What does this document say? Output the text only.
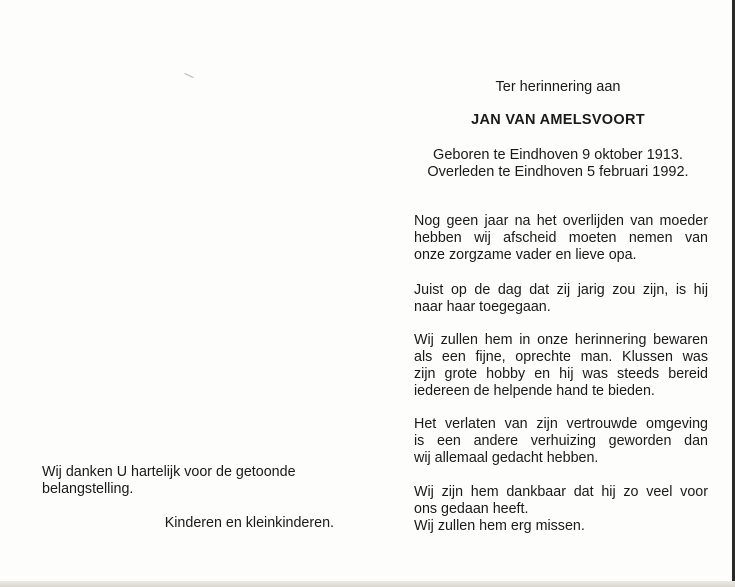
Ter herinnering aan

JAN VAN AMELSVOORT

Geboren te Eindhoven 9 oktober 1913.
Overleden te Eindhoven 5 februari 1992.

Nog geen jaar na het overlijden van moeder
hebben wij afscheid moeten nemen van
onze zorgzame vader en lieve opa.

Juist op de dag dat zij jarig zou zijn, is hij
naar haar toegegaan.

Wij zullen hem in onze herinnering bewaren
als een fijne, oprechte man. Klussen was
zijn grote hobby en hij was steeds bereid
iedereen de helpende hand te bieden.

Het verlaten van zijn vertrouwde omgeving
is een andere verhuizing geworden dan
wij allemaal gedacht hebben.

Wij zijn hem dankbaar dat hij zo veel voor
ons gedaan heeft.
Wij zullen hem erg missen.

Wij danken U hartelijk voor de getoonde
belangstelling.

Kinderen en kleinkinderen.
